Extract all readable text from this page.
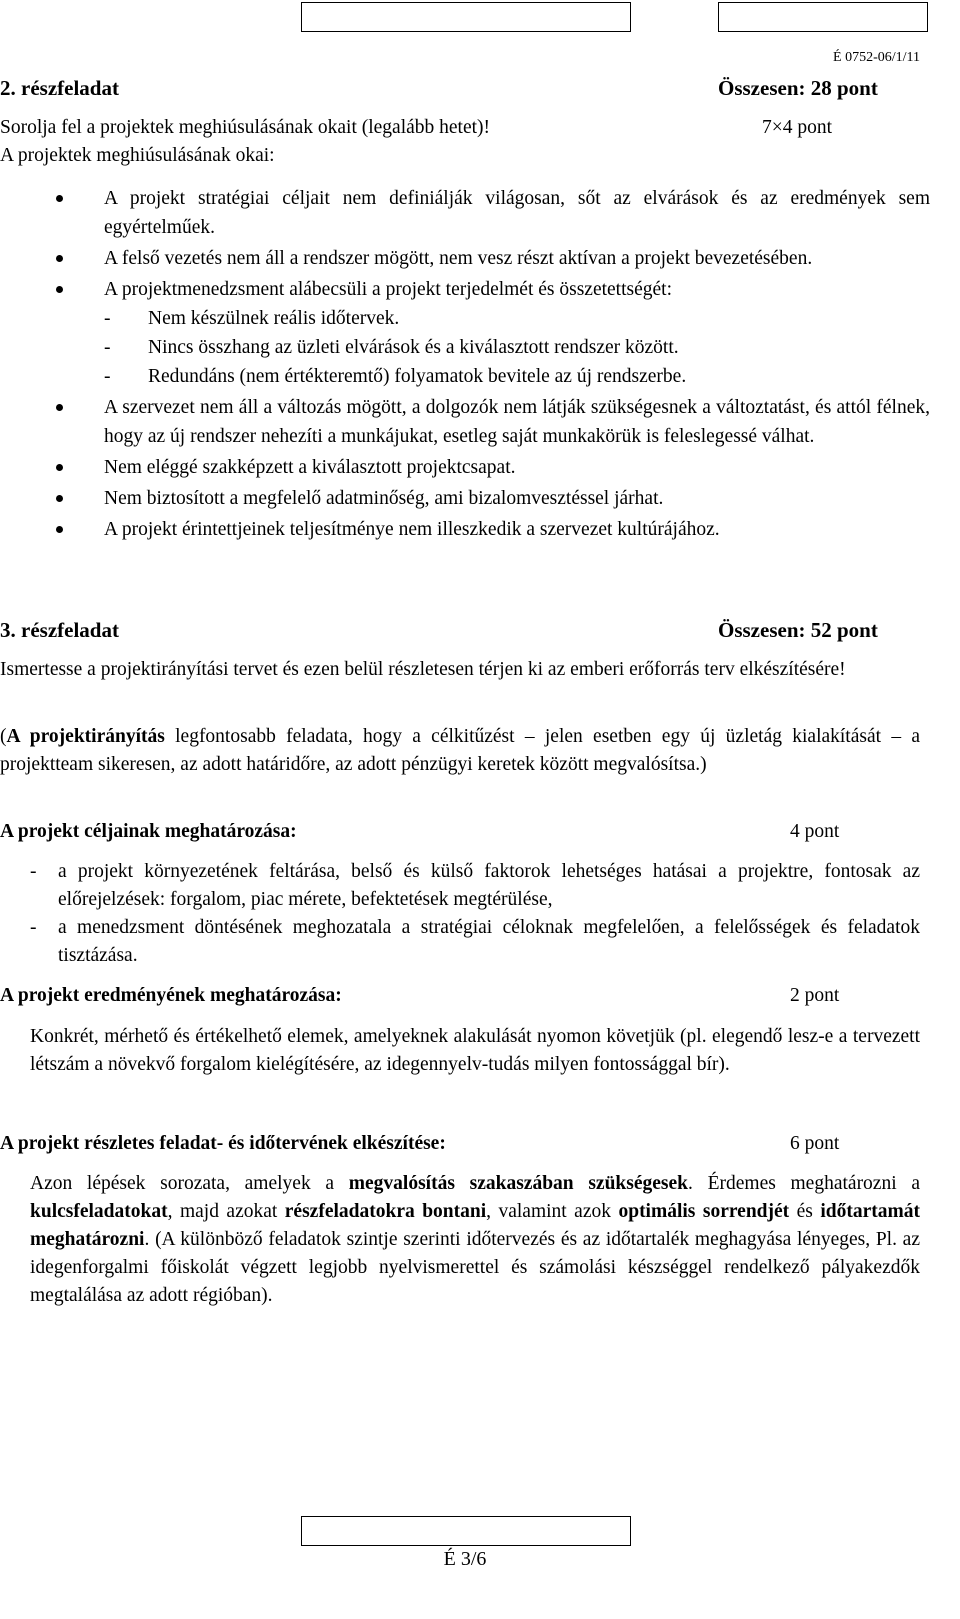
É 0752-06/1/11
2. részfeladat	Összesen: 28 pont
Sorolja fel a projektek meghiúsulásának okait (legalább hetet)!	7×4 pont
A projektek meghiúsulásának okai:
A projekt stratégiai céljait nem definiálják világosan, sőt az elvárások és az eredmények sem egyértelműek.
A felső vezetés nem áll a rendszer mögött, nem vesz részt aktívan a projekt bevezetésében.
A projektmenedzsment alábecsüli a projekt terjedelmét és összetettségét:
- Nem készülnek reális időtervek.
- Nincs összhang az üzleti elvárások és a kiválasztott rendszer között.
- Redundáns (nem értékteremtő) folyamatok bevitele az új rendszerbe.
A szervezet nem áll a változás mögött, a dolgozók nem látják szükségesnek a változtatást, és attól félnek, hogy az új rendszer nehezíti a munkájukat, esetleg saját munkakörük is feleslegessé válhat.
Nem eléggé szakképzett a kiválasztott projektcsapat.
Nem biztosított a megfelelő adatminőség, ami bizalomvesztéssel járhat.
A projekt érintettjeinek teljesítménye nem illeszkedik a szervezet kultúrájához.
3. részfeladat	Összesen: 52 pont
Ismertesse a projektirányítási tervet és ezen belül részletesen térjen ki az emberi erőforrás terv elkészítésére!
(A projektirányítás legfontosabb feladata, hogy a célkitűzést – jelen esetben egy új üzletág kialakítását – a projektteam sikeresen, az adott határidőre, az adott pénzügyi keretek között megvalósítsa.)
A projekt céljainak meghatározása:	4 pont
- a projekt környezetének feltárása, belső és külső faktorok lehetséges hatásai a projektre, fontosak az előrejelzések: forgalom, piac mérete, befektetések megtérülése,
- a menedzsment döntésének meghozatala a stratégiai céloknak megfelelően, a felelősségek és feladatok tisztázása.
A projekt eredményének meghatározása:	2 pont
Konkrét, mérhető és értékelhető elemek, amelyeknek alakulását nyomon követjük (pl. elegendő lesz-e a tervezett létszám a növekvő forgalom kielégítésére, az idegennyelv-tudás milyen fontossággal bír).
A projekt részletes feladat- és időtervének elkészítése:	6 pont
Azon lépések sorozata, amelyek a megvalósítás szakaszában szükségesek. Érdemes meghatározni a kulcsfeladatokat, majd azokat részfeladatokra bontani, valamint azok optimális sorrendjét és időtartamát meghatározni. (A különböző feladatok szintje szerinti időtervezés és az időtartalék meghagyása lényeges, Pl. az idegenforgalmi főiskolát végzett legjobb nyelvismerettel és számolási készséggel rendelkező pályakezdők megtalálása az adott régióban).
É 3/6
